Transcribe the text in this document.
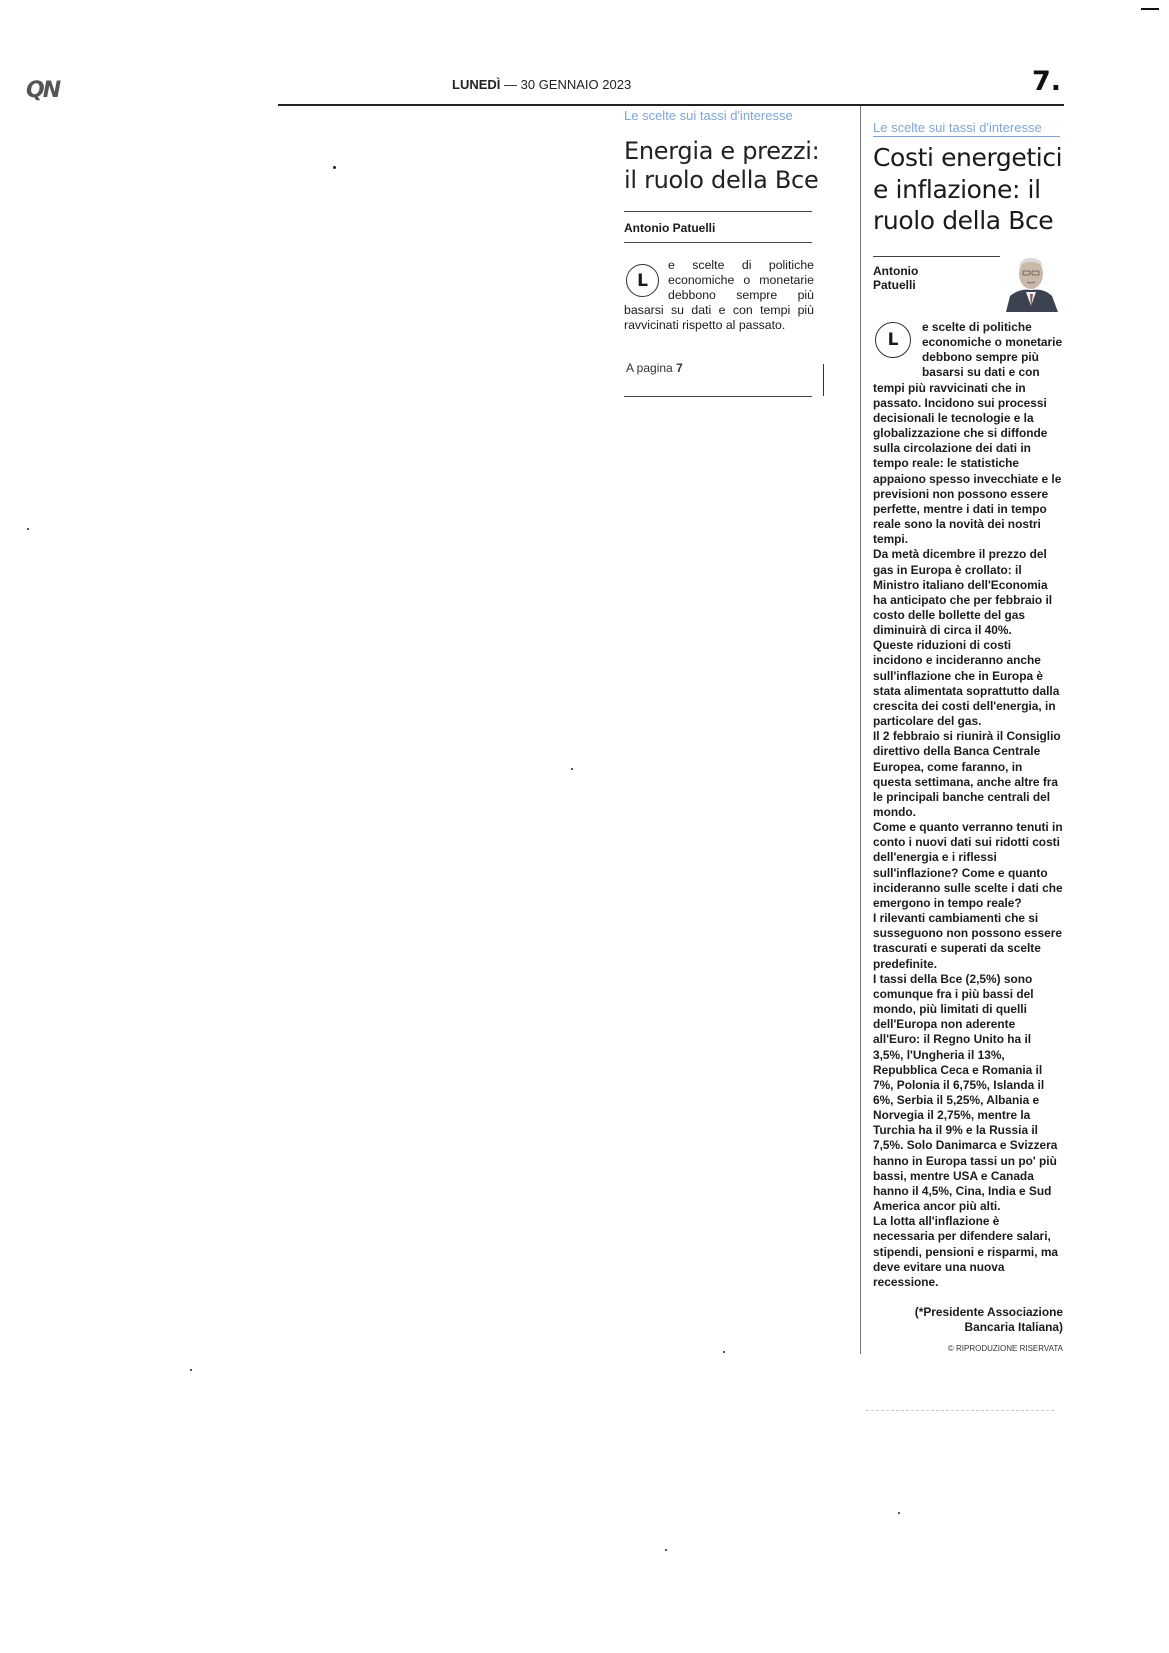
QN	LUNEDÌ — 30 GENNAIO 2023	7.
Le scelte sui tassi d'interesse
Energia e prezzi: il ruolo della Bce
Antonio Patuelli
e scelte di politiche economiche o monetarie debbono sempre più basarsi su dati e con tempi più ravvicinati rispetto al passato.
L
A pagina 7
Le scelte sui tassi d'interesse
Costi energetici e inflazione: il ruolo della Bce
Antonio Patuelli
L

e scelte di politiche economiche o monetarie debbono sempre più basarsi su dati e con tempi più ravvicinati che in passato. Incidono sui processi decisionali le tecnologie e la globalizzazione che si diffonde sulla circolazione dei dati in tempo reale: le statistiche appaiono spesso invecchiate e le previsioni non possono essere perfette, mentre i dati in tempo reale sono la novità dei nostri tempi.

Da metà dicembre il prezzo del gas in Europa è crollato: il Ministro italiano dell'Economia ha anticipato che per febbraio il costo delle bollette del gas diminuirà di circa il 40%.

Queste riduzioni di costi incidono e incideranno anche sull'inflazione che in Europa è stata alimentata soprattutto dalla crescita dei costi dell'energia, in particolare del gas.

Il 2 febbraio si riunirà il Consiglio direttivo della Banca Centrale Europea, come faranno, in questa settimana, anche altre fra le principali banche centrali del mondo.

Come e quanto verranno tenuti in conto i nuovi dati sui ridotti costi dell'energia e i riflessi sull'inflazione? Come e quanto incideranno sulle scelte i dati che emergono in tempo reale?

I rilevanti cambiamenti che si susseguono non possono essere trascurati e superati da scelte predefinite.

I tassi della Bce (2,5%) sono comunque fra i più bassi del mondo, più limitati di quelli dell'Europa non aderente all'Euro: il Regno Unito ha il 3,5%, l'Ungheria il 13%, Repubblica Ceca e Romania il 7%, Polonia il 6,75%, Islanda il 6%, Serbia il 5,25%, Albania e Norvegia il 2,75%, mentre la Turchia ha il 9% e la Russia il 7,5%. Solo Danimarca e Svizzera hanno in Europa tassi un po' più bassi, mentre USA e Canada hanno il 4,5%, Cina, India e Sud America ancor più alti.

La lotta all'inflazione è necessaria per difendere salari, stipendi, pensioni e risparmi, ma deve evitare una nuova recessione.

(*Presidente Associazione Bancaria Italiana)
© RIPRODUZIONE RISERVATA
